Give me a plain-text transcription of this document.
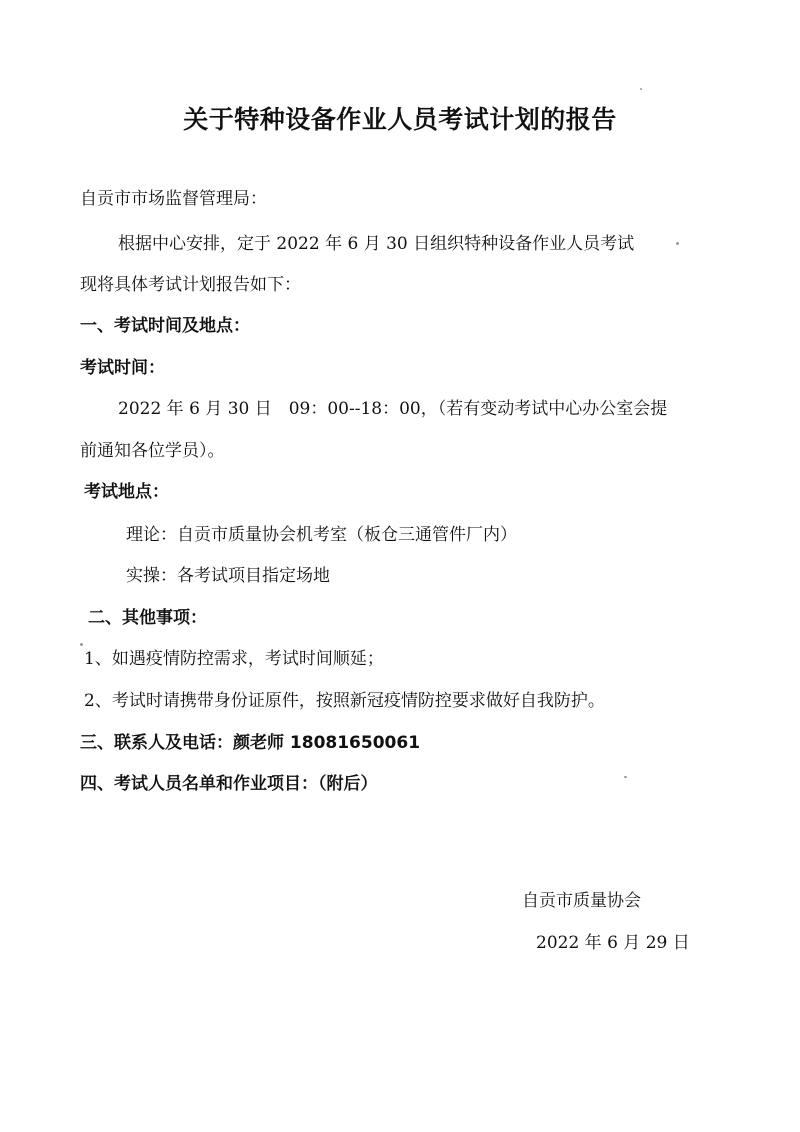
关于特种设备作业人员考试计划的报告
自贡市市场监督管理局：
根据中心安排，定于 2022 年 6 月 30 日组织特种设备作业人员考试
现将具体考试计划报告如下：
一、考试时间及地点：
考试时间：
2022 年 6 月 30 日　09：00--18：00，（若有变动考试中心办公室会提
前通知各位学员）。
考试地点：
理论：自贡市质量协会机考室（板仓三通管件厂内）
实操：各考试项目指定场地
二、其他事项：
1、如遇疫情防控需求，考试时间顺延；
2、考试时请携带身份证原件，按照新冠疫情防控要求做好自我防护。
三、联系人及电话：颜老师 18081650061
四、考试人员名单和作业项目：（附后）
自贡市质量协会
2022 年 6 月 29 日
